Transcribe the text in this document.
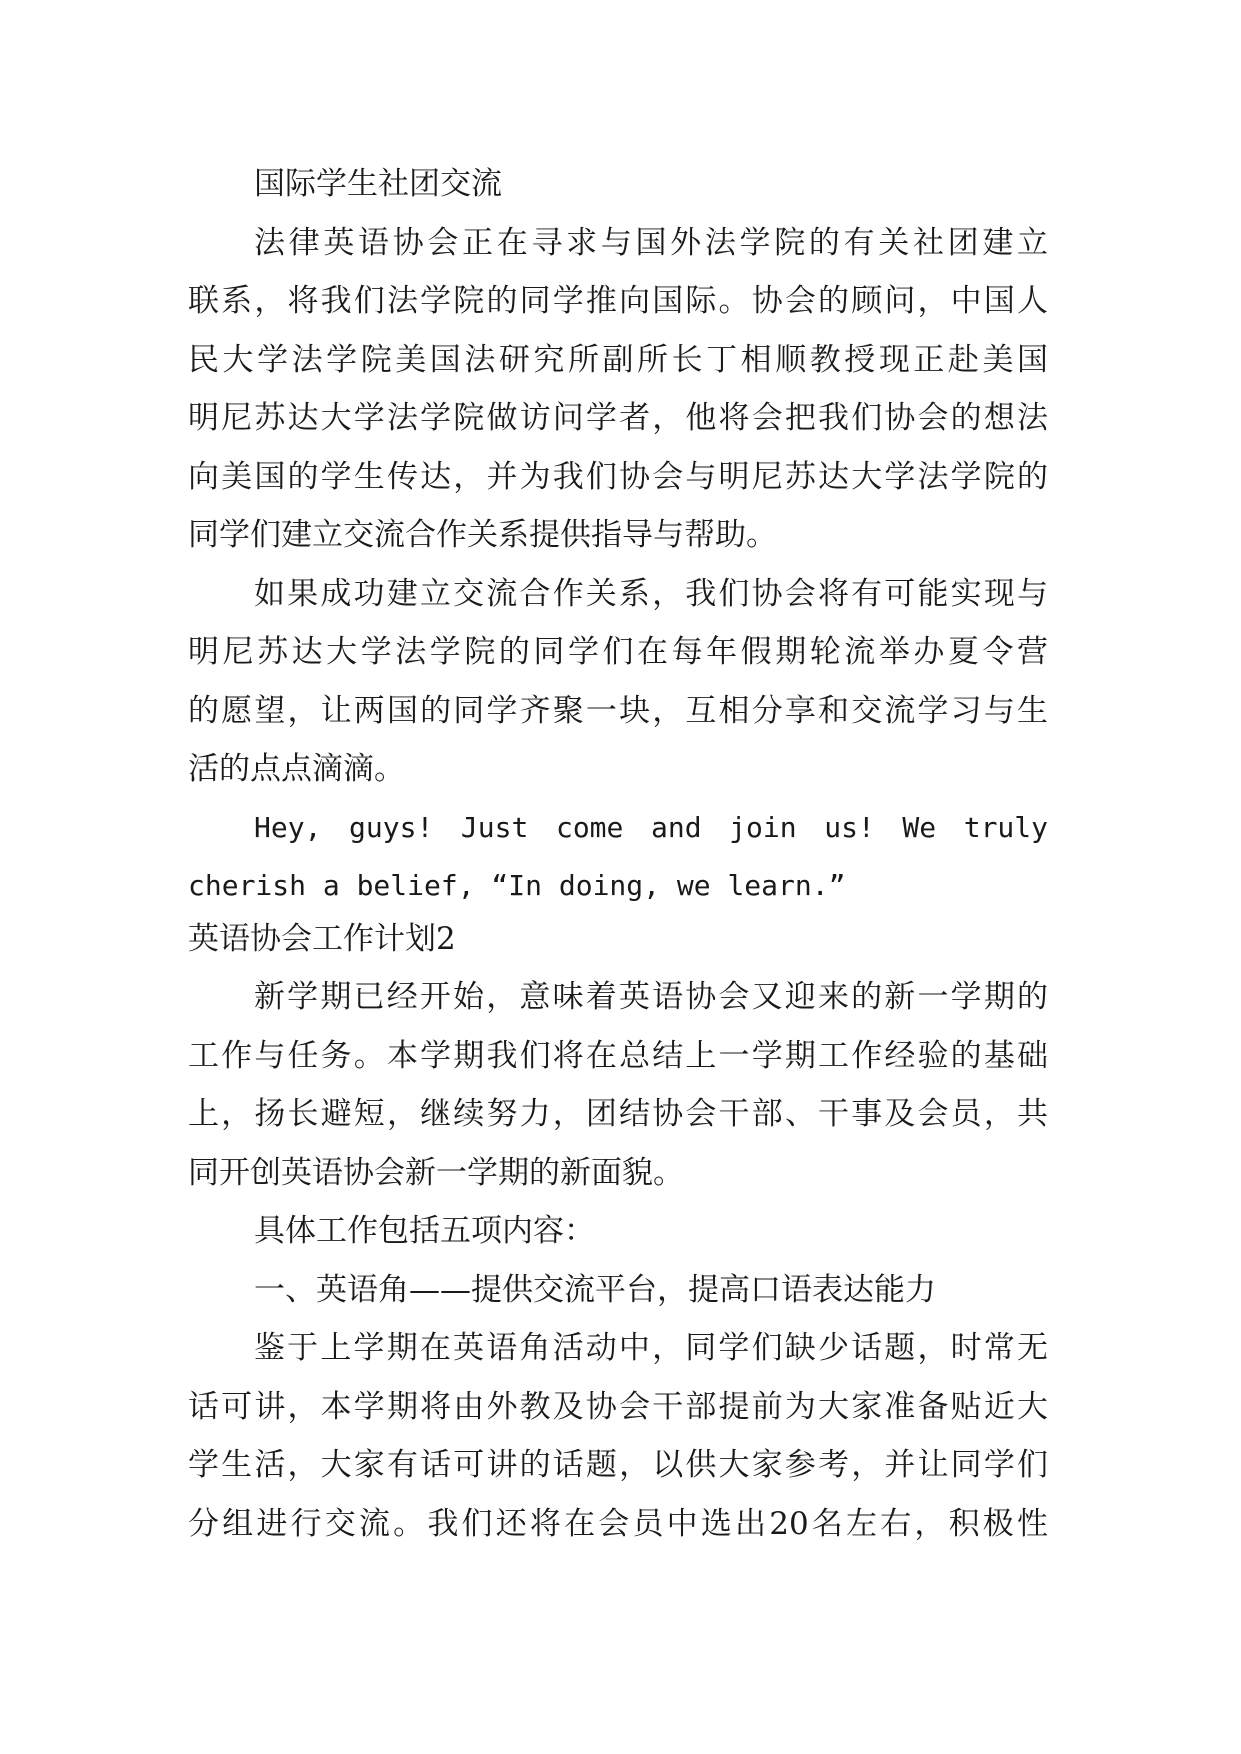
国际学生社团交流
法律英语协会正在寻求与国外法学院的有关社团建立
联系，将我们法学院的同学推向国际。协会的顾问，中国人
民大学法学院美国法研究所副所长丁相顺教授现正赴美国
明尼苏达大学法学院做访问学者，他将会把我们协会的想法
向美国的学生传达，并为我们协会与明尼苏达大学法学院的
同学们建立交流合作关系提供指导与帮助。
如果成功建立交流合作关系，我们协会将有可能实现与
明尼苏达大学法学院的同学们在每年假期轮流举办夏令营
的愿望，让两国的同学齐聚一块，互相分享和交流学习与生
活的点点滴滴。
Hey, guys! Just come and join us! We truly
cherish a belief, “In doing, we learn.”
英语协会工作计划2
新学期已经开始，意味着英语协会又迎来的新一学期的
工作与任务。本学期我们将在总结上一学期工作经验的基础
上，扬长避短，继续努力，团结协会干部、干事及会员，共
同开创英语协会新一学期的新面貌。
具体工作包括五项内容：
一、英语角——提供交流平台，提高口语表达能力
鉴于上学期在英语角活动中，同学们缺少话题，时常无
话可讲，本学期将由外教及协会干部提前为大家准备贴近大
学生活，大家有话可讲的话题，以供大家参考，并让同学们
分组进行交流。我们还将在会员中选出20名左右，积极性
